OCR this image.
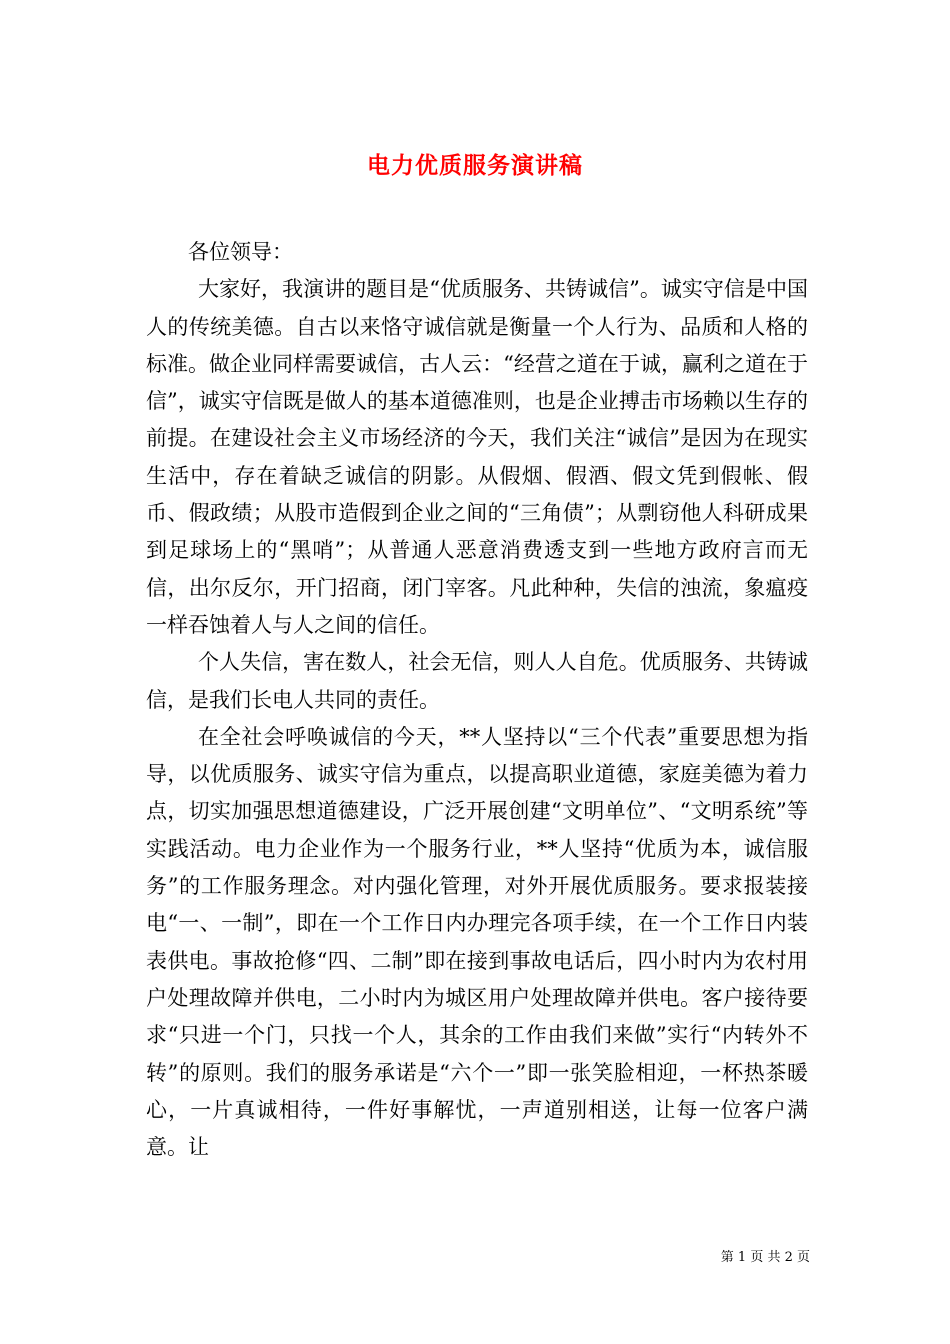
电力优质服务演讲稿

各位领导：

大家好，我演讲的题目是“优质服务、共铸诚信”。诚实守信是中国人的传统美德。自古以来恪守诚信就是衡量一个人行为、品质和人格的标准。做企业同样需要诚信，古人云：“经营之道在于诚，赢利之道在于信”，诚实守信既是做人的基本道德准则，也是企业搏击市场赖以生存的前提。在建设社会主义市场经济的今天，我们关注“诚信”是因为在现实生活中，存在着缺乏诚信的阴影。从假烟、假酒、假文凭到假帐、假币、假政绩；从股市造假到企业之间的“三角债”；从剽窃他人科研成果到足球场上的“黑哨”；从普通人恶意消费透支到一些地方政府言而无信，出尔反尔，开门招商，闭门宰客。凡此种种，失信的浊流，象瘟疫一样吞蚀着人与人之间的信任。

个人失信，害在数人，社会无信，则人人自危。优质服务、共铸诚信，是我们长电人共同的责任。

在全社会呼唤诚信的今天，**人坚持以“三个代表”重要思想为指导，以优质服务、诚实守信为重点，以提高职业道德，家庭美德为着力点，切实加强思想道德建设，广泛开展创建“文明单位”、“文明系统”等实践活动。电力企业作为一个服务行业，**人坚持“优质为本，诚信服务”的工作服务理念。对内强化管理，对外开展优质服务。要求报装接电“一、一制”，即在一个工作日内办理完各项手续，在一个工作日内装表供电。事故抢修“四、二制”即在接到事故电话后，四小时内为农村用户处理故障并供电，二小时内为城区用户处理故障并供电。客户接待要求“只进一个门，只找一个人，其余的工作由我们来做”实行“内转外不转”的原则。我们的服务承诺是“六个一”即一张笑脸相迎，一杯热茶暖心，一片真诚相待，一件好事解忧，一声道别相送，让每一位客户满意。让

第 1 页 共 2 页
